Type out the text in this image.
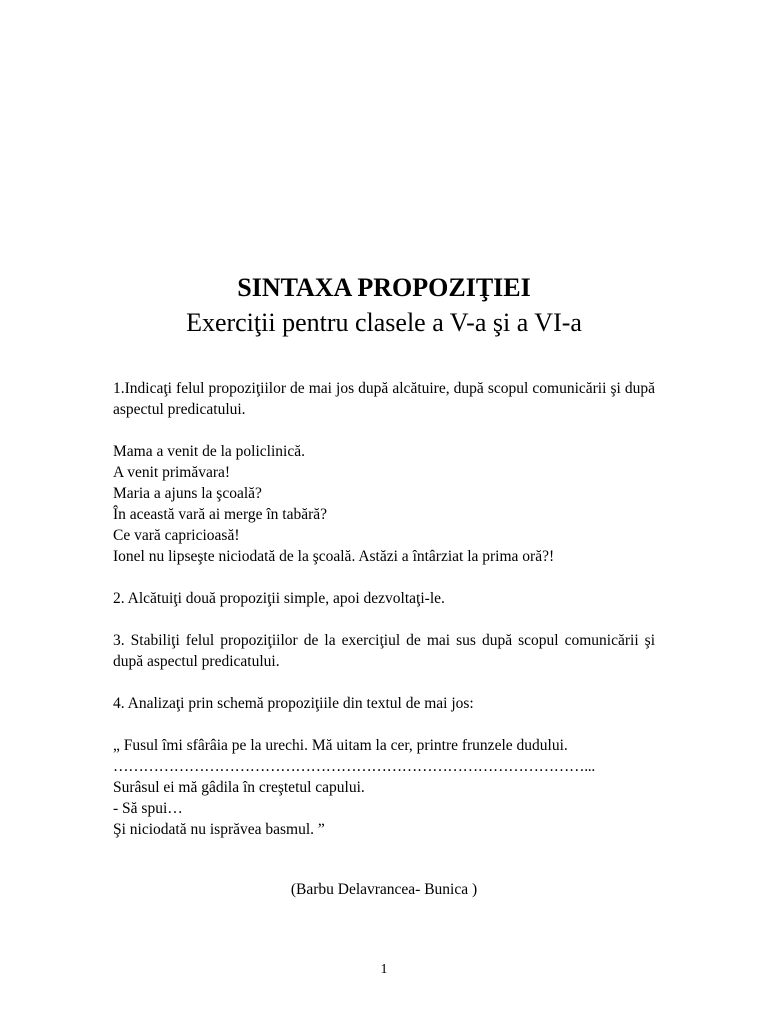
SINTAXA PROPOZIŢIEI
Exerciţii pentru clasele a V-a şi a VI-a

1.Indicaţi felul propoziţiilor de mai jos după alcătuire, după scopul comunicării şi după aspectul predicatului.

Mama a venit de la policlinică.

A venit primăvara!

Maria a ajuns la şcoală?

În această vară ai merge în tabără?

Ce vară capricioasă!

Ionel nu lipseşte niciodată de la şcoală. Astăzi a întârziat la prima oră?!

2. Alcătuiţi două propoziţii simple, apoi dezvoltaţi-le.

3. Stabiliţi felul propoziţiilor de la exerciţiul de mai sus după scopul comunicării şi după aspectul predicatului.

4. Analizaţi prin schemă propoziţiile din textul de mai jos:

„ Fusul îmi sfârâia pe la urechi. Mă uitam la cer, printre frunzele dudului.

…………………………………………………………………………………...

Surâsul ei mă gâdila în creştetul capului.

- Să spui…

Şi niciodată nu isprăvea basmul. ”

(Barbu Delavrancea- Bunica )
1
